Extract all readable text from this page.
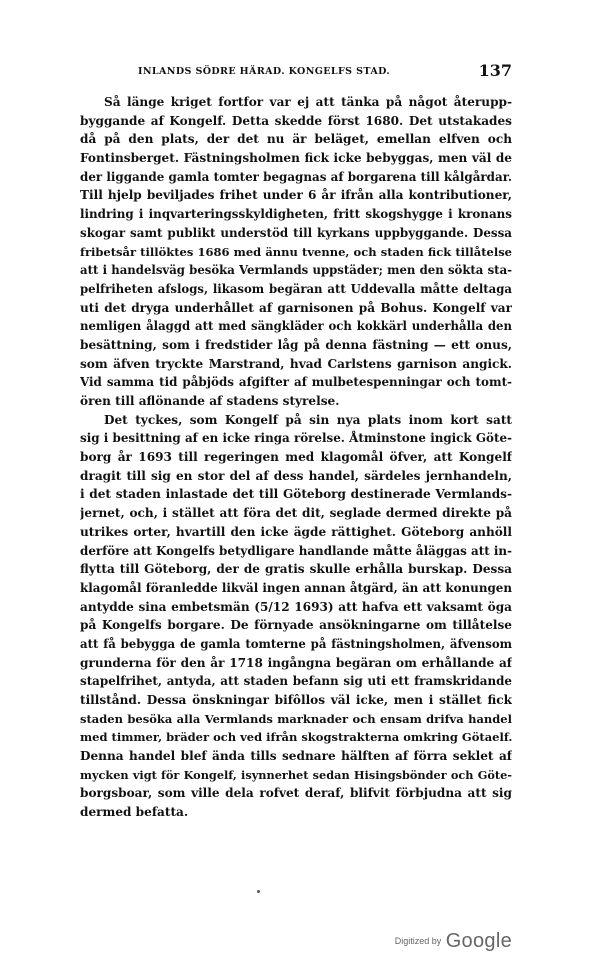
INLANDS SÖDRE HÄRAD. KONGELFS STAD.	137
Så länge kriget fortfor var ej att tänka på något återupp-
byggande af Kongelf. Detta skedde först 1680. Det utstakades
då på den plats, der det nu är beläget, emellan elfven och
Fontinsberget. Fästningsholmen fick icke bebyggas, men väl de
der liggande gamla tomter begagnas af borgarena till kålgårdar.
Till hjelp beviljades frihet under 6 år ifrån alla kontributioner,
lindring i inqvarteringsskyldigheten, fritt skogshygge i kronans
skogar samt publikt understöd till kyrkans uppbyggande. Dessa
fribetsår tillöktes 1686 med ännu tvenne, och staden fick tillåtelse
att i handelsväg besöka Vermlands uppstäder; men den sökta sta-
pelfriheten afslogs, likasom begäran att Uddevalla måtte deltaga
uti det dryga underhållet af garnisonen på Bohus. Kongelf var
nemligen ålaggd att med sängkläder och kokkärl underhålla den
besättning, som i fredstider låg på denna fästning — ett onus,
som äfven tryckte Marstrand, hvad Carlstens garnison angick.
Vid samma tid påbjöds afgifter af mulbetespenningar och tomt-
ören till aflönande af stadens styrelse.
Det tyckes, som Kongelf på sin nya plats inom kort satt
sig i besittning af en icke ringa rörelse. Åtminstone ingick Göte-
borg år 1693 till regeringen med klagomål öfver, att Kongelf
dragit till sig en stor del af dess handel, särdeles jernhandeln,
i det staden inlastade det till Göteborg destinerade Vermlands-
jernet, och, i stället att föra det dit, seglade dermed direkte på
utrikes orter, hvartill den icke ägde rättighet. Göteborg anhöll
derföre att Kongelfs betydligare handlande måtte åläggas att in-
flytta till Göteborg, der de gratis skulle erhålla burskap. Dessa
klagomål föranledde likväl ingen annan åtgärd, än att konungen
antydde sina embetsmän (5/12 1693) att hafva ett vaksamt öga
på Kongelfs borgare. De förnyade ansökningarne om tillåtelse
att få bebygga de gamla tomterne på fästningsholmen, äfvensom
grunderna för den år 1718 ingångna begäran om erhållande af
stapelfrihet, antyda, att staden befann sig uti ett framskridande
tillstånd. Dessa önskningar bifôllos väl icke, men i stället fick
staden besöka alla Vermlands marknader och ensam drifva handel
med timmer, bräder och ved ifrån skogstrakterna omkring Götaelf.
Denna handel blef ända tills sednare hälften af förra seklet af
mycken vigt för Kongelf, isynnerhet sedan Hisingsbönder och Göte-
borgsboar, som ville dela rofvet deraf, blifvit förbjudna att sig
dermed befatta.
Digitized by Google
